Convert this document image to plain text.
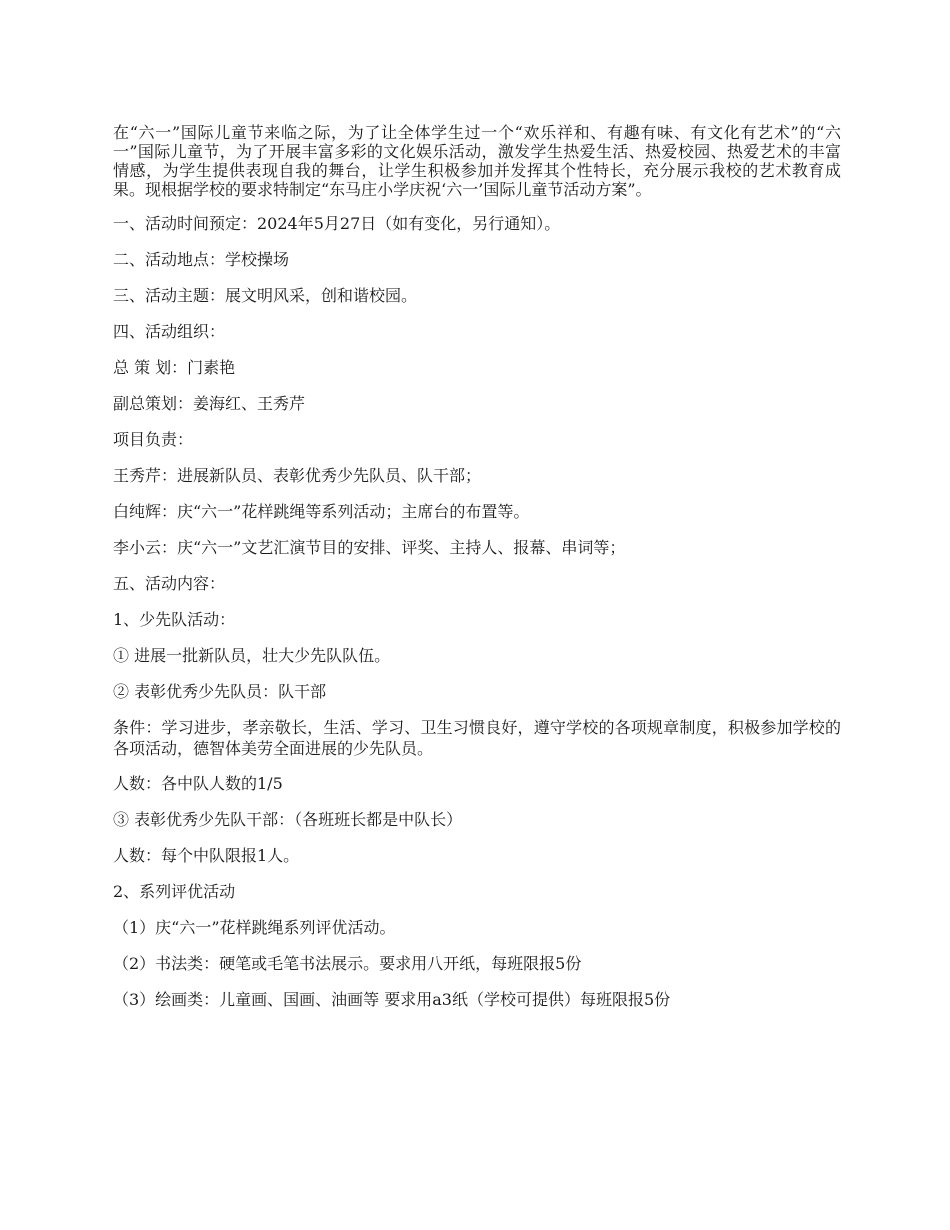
在“六一”国际儿童节来临之际，为了让全体学生过一个“欢乐祥和、有趣有味、有文化有艺术”的“六一”国际儿童节，为了开展丰富多彩的文化娱乐活动，激发学生热爱生活、热爱校园、热爱艺术的丰富情感，为学生提供表现自我的舞台，让学生积极参加并发挥其个性特长，充分展示我校的艺术教育成果。现根据学校的要求特制定“东马庄小学庆祝‘六一’国际儿童节活动方案”。

一、活动时间预定：2024年5月27日（如有变化，另行通知）。

二、活动地点：学校操场

三、活动主题：展文明风采，创和谐校园。

四、活动组织：

总 策 划：门素艳

副总策划：姜海红、王秀芹

项目负责：

王秀芹：进展新队员、表彰优秀少先队员、队干部；

白纯辉：庆“六一”花样跳绳等系列活动；主席台的布置等。

李小云：庆“六一”文艺汇演节目的安排、评奖、主持人、报幕、串词等；

五、活动内容：

1、少先队活动：

① 进展一批新队员，壮大少先队队伍。

② 表彰优秀少先队员：队干部

条件：学习进步，孝亲敬长，生活、学习、卫生习惯良好，遵守学校的各项规章制度，积极参加学校的各项活动，德智体美劳全面进展的少先队员。

人数：各中队人数的1/5

③ 表彰优秀少先队干部：（各班班长都是中队长）

人数：每个中队限报1人。

2、系列评优活动

（1）庆“六一”花样跳绳系列评优活动。

（2）书法类：硬笔或毛笔书法展示。要求用八开纸，每班限报5份

（3）绘画类：儿童画、国画、油画等 要求用a3纸（学校可提供）每班限报5份
